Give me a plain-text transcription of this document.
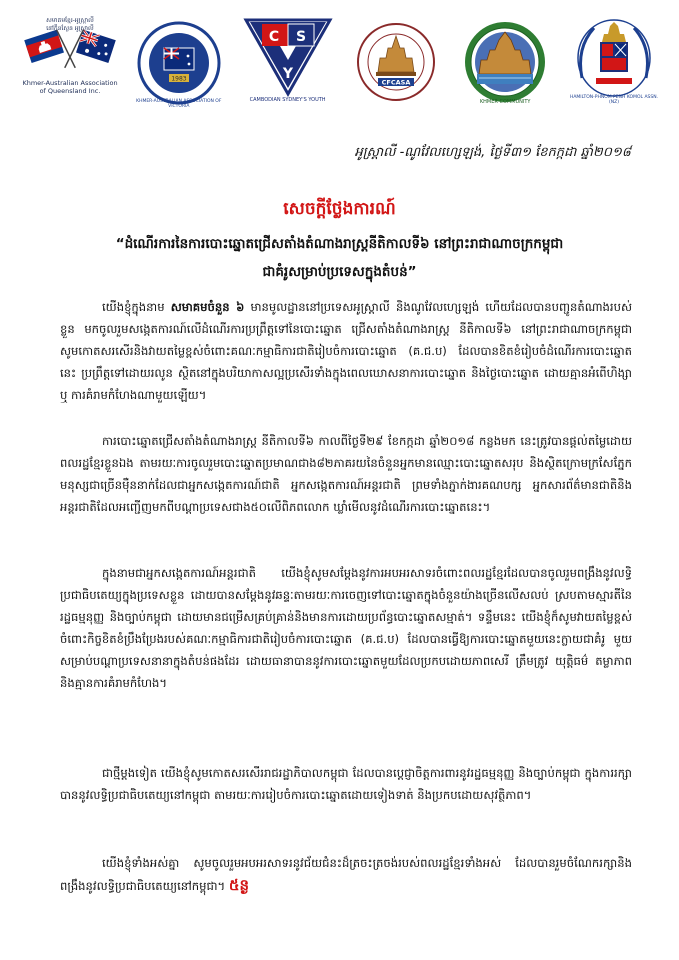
សមាគមខ្មែរ-អូស្ត្រាលី
នៅក្វីនស្លែន អូស្ត្រាលី
Khmer-Australian Association
of Queensland Inc.
1983
KHMER-AUSTRALIAN ASSOCIATION OF VICTORIA
C S
Y
CAMBODIAN SYDNEY'S YOUTH
CFCASA
KHMER COMMUNITY
HAMILTON-PHNOM PENH KOMOL ASSN. (NZ)
អូស្ត្រាលី -ណូវែលហ្សេឡង់, ថ្ងៃទី៣១ ខែកក្កដា ឆ្នាំ២០១៨
សេចក្តីថ្លែងការណ៍
“ដំណើរការនៃការបោះឆ្នោតជ្រើសតាំងតំណាងរាស្ត្រនីតិកាលទី៦ នៅព្រះរាជាណាចក្រកម្ពុជា
ជាគំរូសម្រាប់ប្រទេសក្នុងតំបន់”

យើងខ្ញុំក្នុងនាម សមាគមចំនួន ៦ មានមូលដ្ឋាននៅប្រទេសអូស្ត្រាលី និងណូវែលហ្សេឡង់ ហើយដែលបានបញ្ជូនតំណាងរបស់ខ្លួន មកចូលរួមសង្កេតការណ៍លើដំណើរការប្រព្រឹត្តទៅនៃបោះឆ្នោត ជ្រើសតាំងតំណាងរាស្ត្រ នីតិកាលទី៦ នៅព្រះរាជាណាចក្រកម្ពុជា សូមកោតសរសើរនិងវាយតម្លៃខ្ពស់ចំពោះគណៈកម្មាធិការជាតិរៀបចំការបោះឆ្នោត (គ.ជ.ប) ដែលបានខិតខំរៀបចំដំណើរការបោះឆ្នោតនេះ ប្រព្រឹត្តទៅដោយរលូន ស្ថិតនៅក្នុងបរិយាកាសល្អប្រសើរទាំងក្នុងពេលឃោសនាការបោះឆ្នោត និងថ្ងៃបោះឆ្នោត ដោយគ្មានអំពើហិង្សា ឬ ការគំរាមកំហែងណាមួយឡើយ។

ការបោះឆ្នោតជ្រើសតាំងតំណាងរាស្ត្រ នីតិកាលទី៦ កាលពីថ្ងៃទី២៩ ខែកក្កដា ឆ្នាំ២០១៨ កន្លងមក នេះត្រូវបានផ្តល់តម្លៃដោយពលរដ្ឋខ្មែរខ្លួនឯង តាមរយៈការចូលរួមបោះឆ្នោតប្រមាណជាង៨២ភាគរយនៃចំនួនអ្នកមានឈ្មោះបោះឆ្នោតសរុប និងស្ថិតក្រោមក្រសែភ្នែកមនុស្សជាច្រើនម៉ឺននាក់ដែលជាអ្នកសង្កេតការណ៍ជាតិ អ្នកសង្កេតការណ៍អន្តរជាតិ ព្រមទាំងភ្នាក់ងារគណបក្ស អ្នកសារព័ត៌មានជាតិនិងអន្តរជាតិដែលអញ្ជើញមកពីបណ្តាប្រទេសជាង៥០លើពិភពលោក ឃ្លាំមើលនូវដំណើរការបោះឆ្នោតនេះ។

ក្នុងនាមជាអ្នកសង្កេតការណ៍អន្តរជាតិ យើងខ្ញុំសូមសម្តែងនូវការអបអរសាទរចំពោះពលរដ្ឋខ្មែរដែលបានចូលរួមពង្រឹងនូវលទ្ធិប្រជាធិបតេយ្យក្នុងប្រទេសខ្លួន ដោយបានសម្តែងនូវឆន្ទៈតាមរយៈការចេញទៅបោះឆ្នោតក្នុងចំនួនយ៉ាងច្រើនលើសលប់ ស្របតាមស្មារតីនៃរដ្ឋធម្មនុញ្ញ និងច្បាប់កម្ពុជា ដោយមានជម្រើសគ្រប់គ្រាន់និងមានការដោយប្រព័ន្ធបោះឆ្នោតសម្មាត់។ ទន្ទឹមនេះ យើងខ្ញុំក៏សូមវាយតម្លៃខ្ពស់ចំពោះកិច្ចខិតខំប្រឹងប្រែងរបស់គណៈកម្មាធិការជាតិរៀបចំការបោះឆ្នោត (គ.ជ.ប) ដែលបានធ្វើឱ្យការបោះឆ្នោតមួយនេះក្លាយជាគំរូ មួយសម្រាប់បណ្តាប្រទេសនានាក្នុងតំបន់ផងដែរ ដោយធានាបាននូវការបោះឆ្នោតមួយដែលប្រកបដោយភាពសេរី ត្រឹមត្រូវ យុត្តិធម៌ តម្លាភាព និងគ្មានការគំរាមកំហែង។

ជាថ្មីម្តងទៀត យើងខ្ញុំសូមកោតសរសើររាជរដ្ឋាភិបាលកម្ពុជា ដែលបានប្តេជ្ញាចិត្តការពារនូវរដ្ឋធម្មនុញ្ញ និងច្បាប់កម្ពុជា ក្នុងការរក្សាបាននូវលទ្ធិប្រជាធិបតេយ្យនៅកម្ពុជា តាមរយៈការរៀបចំការបោះឆ្នោតដោយទៀងទាត់ និងប្រកបដោយសុវត្ថិភាព។

យើងខ្ញុំទាំងអស់គ្នា សូមចូលរួមអបអរសាទរនូវជ័យជំនះដ៏ត្រចះត្រចង់របស់ពលរដ្ឋខ្មែរទាំងអស់ ដែលបានរួមចំណែករក្សានិងពង្រឹងនូវលទ្ធិប្រជាធិបតេយ្យនៅកម្ពុជា។ ៥ន្ង
